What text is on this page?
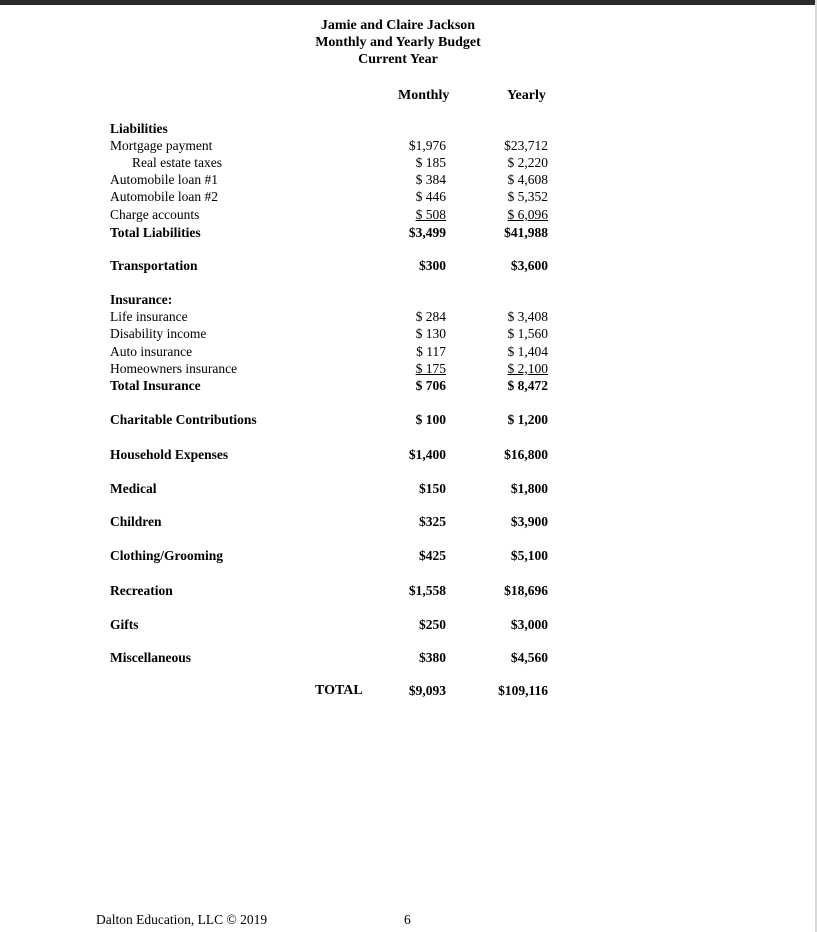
Jamie and Claire Jackson
Monthly and Yearly Budget
Current Year
Monthly	Yearly
Liabilities
Mortgage payment	$1,976	$23,712
Real estate taxes	$ 185	$ 2,220
Automobile loan #1	$ 384	$ 4,608
Automobile loan #2	$ 446	$ 5,352
Charge accounts	$ 508	$ 6,096
Total Liabilities	$3,499	$41,988
Transportation	$300	$3,600
Insurance:
Life insurance	$ 284	$ 3,408
Disability income	$ 130	$ 1,560
Auto insurance	$ 117	$ 1,404
Homeowners insurance	$ 175	$ 2,100
Total Insurance	$ 706	$ 8,472
Charitable Contributions	$ 100	$ 1,200
Household Expenses	$1,400	$16,800
Medical	$150	$1,800
Children	$325	$3,900
Clothing/Grooming	$425	$5,100
Recreation	$1,558	$18,696
Gifts	$250	$3,000
Miscellaneous	$380	$4,560
TOTAL	$9,093	$109,116
Dalton Education, LLC © 2019	6
